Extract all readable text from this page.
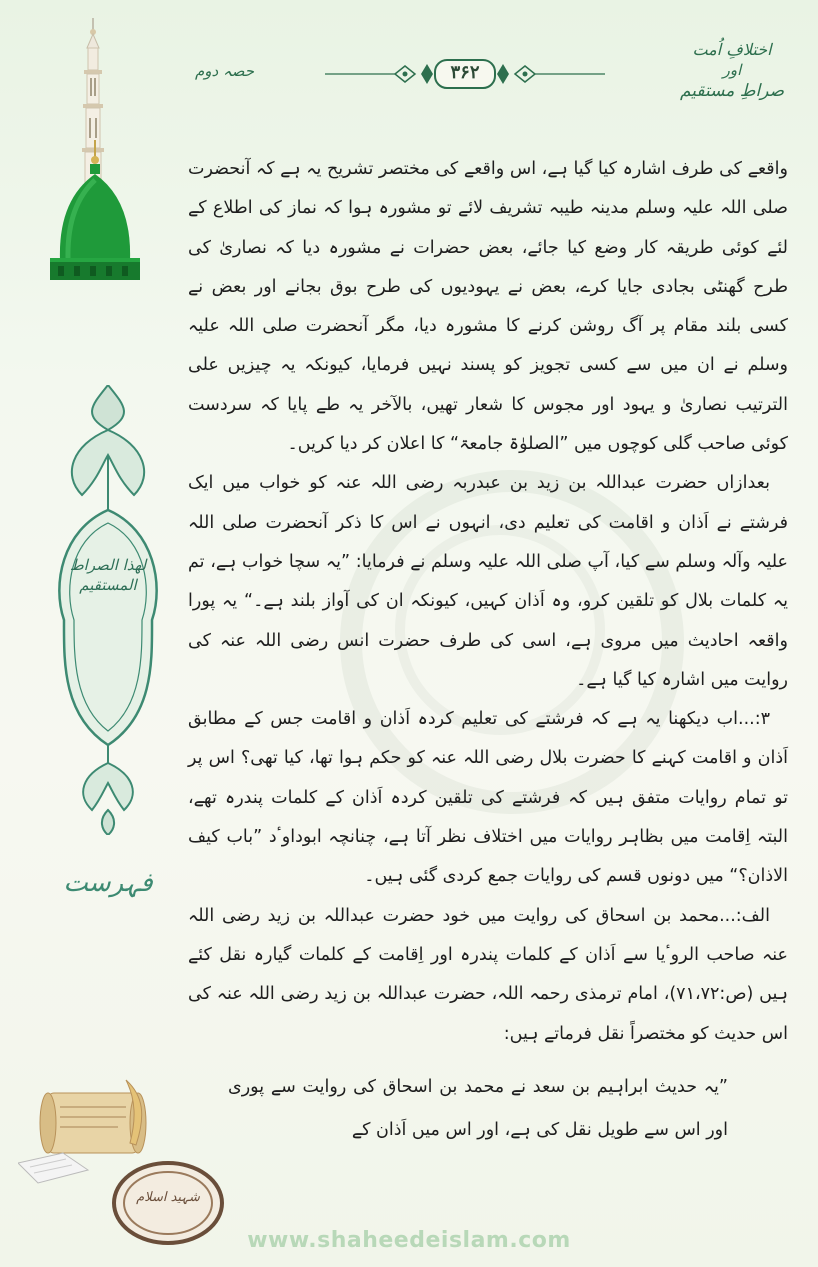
اختلافِ اُمت
اور
صراطِ مستقیم
۳۶۲
حصہ دوم

واقعے کی طرف اشارہ کیا گیا ہے، اس واقعے کی مختصر تشریح یہ ہے کہ آنحضرت صلی اللہ علیہ وسلم مدینہ طیبہ تشریف لائے تو مشورہ ہوا کہ نماز کی اطلاع کے لئے کوئی طریقہ کار وضع کیا جائے، بعض حضرات نے مشورہ دیا کہ نصاریٰ کی طرح گھنٹی بجادی جایا کرے، بعض نے یہودیوں کی طرح بوق بجانے اور بعض نے کسی بلند مقام پر آگ روشن کرنے کا مشورہ دیا، مگر آنحضرت صلی اللہ علیہ وسلم نے ان میں سے کسی تجویز کو پسند نہیں فرمایا، کیونکہ یہ چیزیں علی الترتیب نصاریٰ و یہود اور مجوس کا شعار تھیں، بالآخر یہ طے پایا کہ سردست کوئی صاحب گلی کوچوں میں ”الصلوٰۃ جامعۃ“ کا اعلان کر دیا کریں۔

بعدازاں حضرت عبداللہ بن زید بن عبدربہ رضی اللہ عنہ کو خواب میں ایک فرشتے نے اَذان و اقامت کی تعلیم دی، انہوں نے اس کا ذکر آنحضرت صلی اللہ علیہ وآلہ وسلم سے کیا، آپ صلی اللہ علیہ وسلم نے فرمایا: ”یہ سچا خواب ہے، تم یہ کلمات بلال کو تلقین کرو، وہ اَذان کہیں، کیونکہ ان کی آواز بلند ہے۔“ یہ پورا واقعہ احادیث میں مروی ہے، اسی کی طرف حضرت انس رضی اللہ عنہ کی روایت میں اشارہ کیا گیا ہے۔

۳:...اب دیکھنا یہ ہے کہ فرشتے کی تعلیم کردہ اَذان و اقامت جس کے مطابق اَذان و اقامت کہنے کا حضرت بلال رضی اللہ عنہ کو حکم ہوا تھا، کیا تھی؟ اس پر تو تمام روایات متفق ہیں کہ فرشتے کی تلقین کردہ اَذان کے کلمات پندرہ تھے، البتہ اِقامت میں بظاہر روایات میں اختلاف نظر آتا ہے، چنانچہ ابوداوٴد ”باب کیف الاذان؟“ میں دونوں قسم کی روایات جمع کردی گئی ہیں۔

الف:...محمد بن اسحاق کی روایت میں خود حضرت عبداللہ بن زید رضی اللہ عنہ صاحب الروٴیا سے اَذان کے کلمات پندرہ اور اِقامت کے کلمات گیارہ نقل کئے ہیں (ص:۷۱،۷۲)، امام ترمذی رحمہ اللہ، حضرت عبداللہ بن زید رضی اللہ عنہ کی اس حدیث کو مختصراً نقل فرماتے ہیں:

”یہ حدیث ابراہیم بن سعد نے محمد بن اسحاق کی روایت سے پوری اور اس سے طویل نقل کی ہے، اور اس میں اَذان کے

لهذا الصراط المستقيم
فہرست
شہید اسلام
www.shaheedeislam.com
